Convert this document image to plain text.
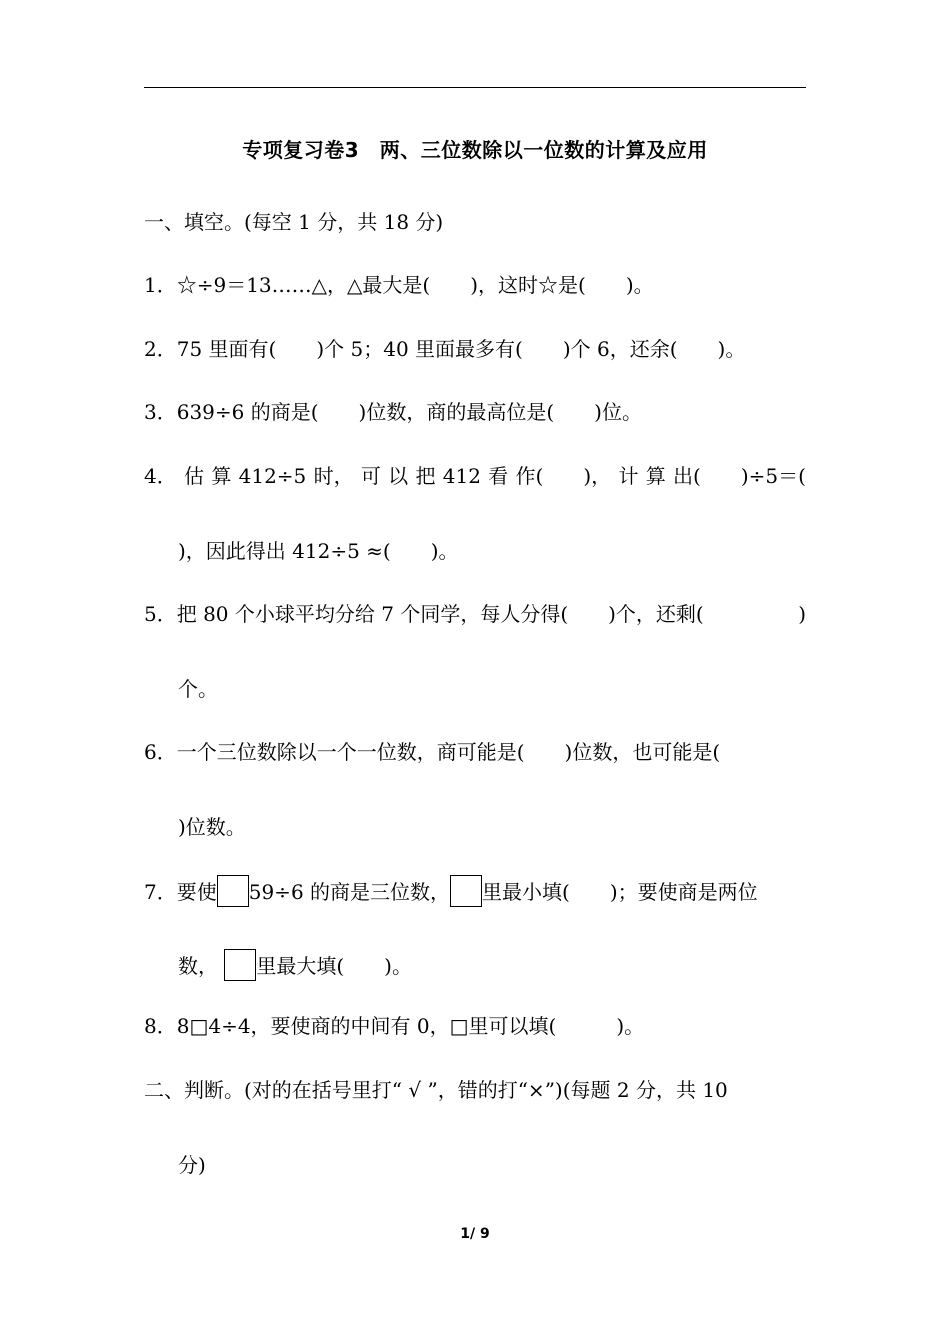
专项复习卷3　两、三位数除以一位数的计算及应用
一、填空。(每空 1 分，共 18 分)
1．☆÷9＝13……△，△最大是(　　)，这时☆是(　　)。
2．75 里面有(　　)个 5；40 里面最多有(　　)个 6，还余(　　)。
3．639÷6 的商是(　　)位数，商的最高位是(　　)位。
4． 估 算 412÷5 时， 可 以 把 412 看 作(　　)， 计 算 出(　　)÷5＝(
)，因此得出 412÷5 ≈(　　)。
5．把 80 个小球平均分给 7 个同学，每人分得(　　)个，还剩(	)
个。
6．一个三位数除以一个一位数，商可能是(　　)位数，也可能是(
)位数。
7．要使 59÷6 的商是三位数， 里最小填(　　)；要使商是两位
数， 里最大填(　　)。
8．8□4÷4，要使商的中间有 0，□里可以填(　　　)。
二、判断。(对的在括号里打“ √ ”，错的打“×”)(每题 2 分，共 10
分)
1/ 9
